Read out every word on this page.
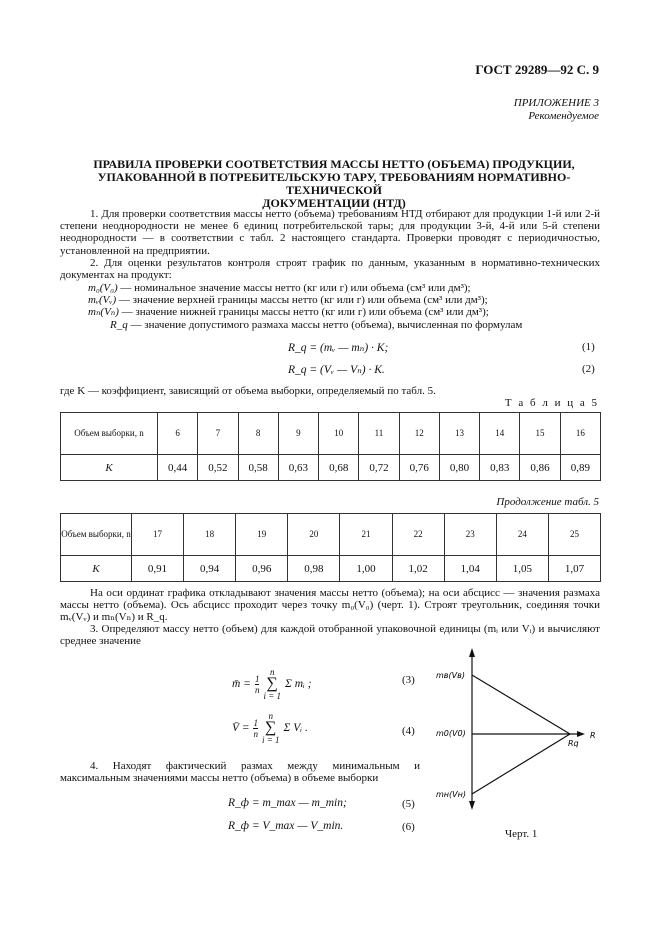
ГОСТ 29289—92 С. 9
ПРИЛОЖЕНИЕ 3
Рекомендуемое
ПРАВИЛА ПРОВЕРКИ СООТВЕТСТВИЯ МАССЫ НЕТТО (ОБЪЕМА) ПРОДУКЦИИ,
УПАКОВАННОЙ В ПОТРЕБИТЕЛЬСКУЮ ТАРУ, ТРЕБОВАНИЯМ НОРМАТИВНО-ТЕХНИЧЕСКОЙ
ДОКУМЕНТАЦИИ (НТД)
1. Для проверки соответствия массы нетто (объема) требованиям НТД отбирают для продукции 1-й или 2-й степени неоднородности не менее 6 единиц потребительской тары; для продукции 3-й, 4-й или 5-й степени неоднородности — в соответствии с табл. 2 настоящего стандарта. Проверки проводят с периодичностью, установленной на предприятии.
2. Для оценки результатов контроля строят график по данным, указанным в нормативно-технических документах на продукт:
m₀(V₀) — номинальное значение массы нетто (кг или г) или объема (см³ или дм³);
mᵥ(Vᵥ) — значение верхней границы массы нетто (кг или г) или объема (см³ или дм³);
mₙ(Vₙ) — значение нижней границы массы нетто (кг или г) или объема (см³ или дм³);
R_q — значение допустимого размаха массы нетто (объема), вычисленная по формулам
R_q = (mᵥ — mₙ) · K;	(1)
R_q = (Vᵥ — Vₙ) · K.	(2)
где K — коэффициент, зависящий от объема выборки, определяемый по табл. 5.
Т а б л и ц а 5
Объем выборки, n	6	7	8	9	10	11	12	13	14	15	16
K	0,44	0,52	0,58	0,63	0,68	0,72	0,76	0,80	0,83	0,86	0,89
Продолжение табл. 5
Объем выборки, n	17	18	19	20	21	22	23	24	25
K	0,91	0,94	0,96	0,98	1,00	1,02	1,04	1,05	1,07
На оси ординат графика откладывают значения массы нетто (объема); на оси абсцисс — значения размаха массы нетто (объема). Ось абсцисс проходит через точку m₀(V₀) (черт. 1). Строят треугольник, соединяя точки mᵥ(Vᵥ) и mₙ(Vₙ) и R_q.
3. Определяют массу нетто (объем) для каждой отобранной упаковочной единицы (mᵢ или Vᵢ) и вычисляют среднее значение
m̄ = $\frac{1}{n}$
n
∑
i = 1
Σ mᵢ ;	(3)
V̄ = $\frac{1}{n}$
n
∑
i = 1
Σ Vᵢ .	(4)
4. Находят фактический размах между минимальным и максимальным значениями массы нетто (объема) в объеме выборки
R_ф = m_max — m_min;	(5)
R_ф = V_max — V_min.	(6)
mв(Vв)
m0(V0)
mн(Vн)
Rq
R
Черт. 1
